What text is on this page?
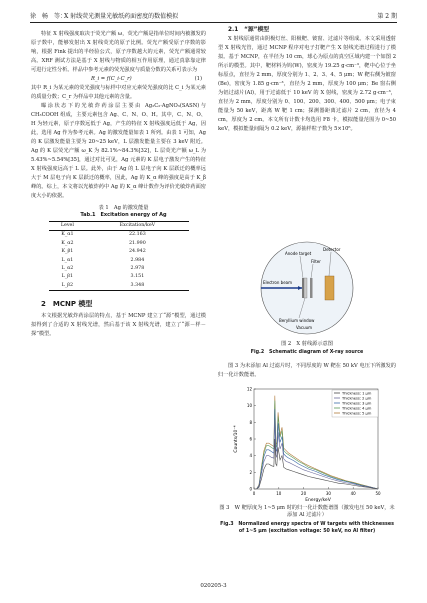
徐　畅　等：
X 射线荧光测量光敏纸药面密度的数值模拟	第 2 期

特征 X 射线强度取决于荧光产额 ω，荧光产额是指单位时间内被激发的原子数中，能够发射出 X 射线荧光的原子比例。荧光产额受原子序数的影响，根据 Fink 提出的半经验公式，原子序数越大的元素，荧光产额通常较高。XRF 测试方法是基于 X 射线与物质的相互作用原理，通过真靠靠定律可进行定性分析。样品中参考元素的荧光强度与质量分数的关系可表示为

R_i = f(C_i·C_r)	(1)

其中 R_i 为某元素的荧光强度与标样中对应元素荧光强度的比 C_i 为某元素的质量分数；C_r 为样品中其他元素的含量。

曝涂状态下的光敏炸药涂层主要由 Ag₂C₂·AgNO₃(SASN)与 CH₃COOH 组成，主要元素包含 Ag、C、N、O、H。其中，C、N、O、H 为轻元素，原子序数远低于 Ag，产生的特征 X 射线强度远低于 Ag，因此，选用 Ag 作为参考元素。Ag 的激发能量如表 1 所列。由表 1 可知，Ag 的 K 层激发能量主要为 20~25 keV，L 层激发能量主要在 3 keV 附近。Ag 的 K 层荧光产额 ω_K 为 82.1%~84.3%[32]，L 层荧光产额 ω_L 为 5.43%~5.54%[35]，通过对比可见，Ag 元素的 K 层电子激发产生的特征 X 射线强度远高于 L 层。此外，由于 Ag 的 L 层电子向 K 层跃迁的概率远大于 M 层电子向 K 层跃迁的概率，因此，Ag 的 K_α 峰的强度是高于 K_β 峰的。综上，本文将以光敏炸药中 Ag 的 K_α 峰计数作为评价光敏炸药面密度大小的依据。

表 1　Ag 的激发能量

Tab.1　Excitation energy of Ag

Level	Excitation/keV
K_α1	22.163
K_α2	21.990
K_β1	24.942
L_α1	2.984
L_α2	2.978
L_β1	3.151
L_β2	3.348

2　MCNP 模型

本文根据光敏炸药涂层的特点，基于 MCNP 建立了“源”模型，通过模拟得到了合适的 X 射线光谱，然后基于该 X 射线光谱，建立了“源－样－探”模型。

2.1　“源”模型

X 射线原通常由阴极灯丝、阳极靶、铍窗、过滤片等组成。本文采用透射型 X 射线光管，通过 MCNP 程序对电子打靶产生 X 射线光谱过程进行了模拟。基于 MCNP，在半径为 10 cm，球心为原点的真空区域内建一个如图 2 所示的模型。其中，靶材料为钨(W)，密度为 19.25 g·cm⁻³，靶中心位于坐标原点，直径为 2 mm，厚度分别为 1、2、3、4、5 μm；W 靶右侧为铍窗(Be)，密度为 1.85 g·cm⁻³，直径为 2 mm，厚度为 100 μm；Be 窗右侧为铝过滤片(Al)，用于过滤低于 10 keV 的 X 射线，密度为 2.72 g·cm⁻³，直径为 2 mm，厚度分别为 0、100、200、300、400、500 μm；电子束能量为 50 keV，距离 W 靶 1 cm；探测器距离过滤片 2 cm，直径为 4 cm，厚度为 2 cm。本文所有计数卡均选用 F8 卡，模拟能量范围为 0~50 keV，模拟能量间隔为 0.2 keV，源抽样粒子数为 5×10⁶。

Anode target
Filter
Detector
Electron beam
Beryllium window
Vacuum
图 2　X 射线源示意图
Fig.2　Schematic diagram of X-ray source

图 3 为未添加 Al 过滤片时，不同厚度的 W 靶在 50 kV 电压下所激发的归一化计数能谱。

0	10	20	30	40	50
0
2
4
6
8
10
12
Thickness: 1 μm
Thickness: 2 μm
Thickness: 3 μm
Thickness: 4 μm
Thickness: 5 μm
Energy/keV
Counts/10⁻⁴
图 3　W 靶厚度为 1~5 μm 时的归一化计数能谱图（激发电压 50 keV，未添加 Al 过滤片）
Fig.3　Normalized energy spectra of W targets with thicknesses of 1~5 μm (excitation voltage: 50 keV, no Al filter)
020205-3
